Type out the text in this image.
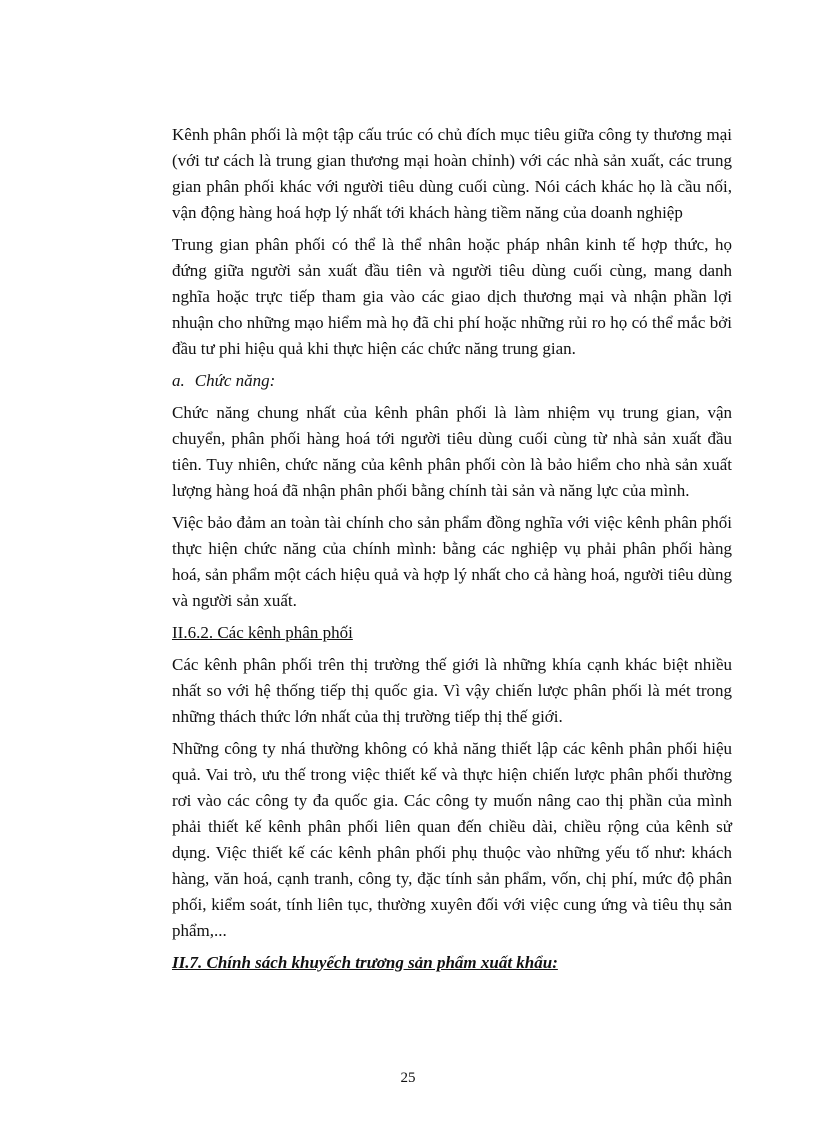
Kênh phân phối là một tập cấu trúc có chủ đích mục tiêu giữa công ty thương mại (với tư cách là trung gian thương mại hoàn chỉnh) với các nhà sản xuất, các trung gian phân phối khác với người tiêu dùng cuối cùng. Nói cách khác họ là cầu nối, vận động hàng hoá hợp lý nhất tới khách hàng tiềm năng của doanh nghiệp

Trung gian phân phối có thể là thể nhân hoặc pháp nhân kinh tế hợp thức, họ đứng giữa người sản xuất đầu tiên và người tiêu dùng cuối cùng, mang danh nghĩa hoặc trực tiếp tham gia vào các giao dịch thương mại và nhận phần lợi nhuận cho những mạo hiểm mà họ đã chi phí hoặc những rủi ro họ có thể mắc bởi đầu tư phi hiệu quả khi thực hiện các chức năng trung gian.

a. Chức năng:

Chức năng chung nhất của kênh phân phối là làm nhiệm vụ trung gian, vận chuyển, phân phối hàng hoá tới người tiêu dùng cuối cùng từ nhà sản xuất đầu tiên. Tuy nhiên, chức năng của kênh phân phối còn là bảo hiểm cho nhà sản xuất lượng hàng hoá đã nhận phân phối bằng chính tài sản và năng lực của mình.

Việc bảo đảm an toàn tài chính cho sản phẩm đồng nghĩa với việc kênh phân phối thực hiện chức năng của chính mình: bằng các nghiệp vụ phải phân phối hàng hoá, sản phẩm một cách hiệu quả và hợp lý nhất cho cả hàng hoá, người tiêu dùng và người sản xuất.

II.6.2. Các kênh phân phối

Các kênh phân phối trên thị trường thế giới là những khía cạnh khác biệt nhiều nhất so với hệ thống tiếp thị quốc gia. Vì vậy chiến lược phân phối là mét trong những thách thức lớn nhất của thị trường tiếp thị thế giới.

Những công ty nhá thường không có khả năng thiết lập các kênh phân phối hiệu quả. Vai trò, ưu thế trong việc thiết kế và thực hiện chiến lược phân phối thường rơi vào các công ty đa quốc gia. Các công ty muốn nâng cao thị phần của mình phải thiết kế kênh phân phối liên quan đến chiều dài, chiều rộng của kênh sử dụng. Việc thiết kế các kênh phân phối phụ thuộc vào những yếu tố như: khách hàng, văn hoá, cạnh tranh, công ty, đặc tính sản phẩm, vốn, chị phí, mức độ phân phối, kiểm soát, tính liên tục, thường xuyên đối với việc cung ứng và tiêu thụ sản phẩm,...

II.7. Chính sách khuyếch trương sản phẩm xuất khẩu:
25
